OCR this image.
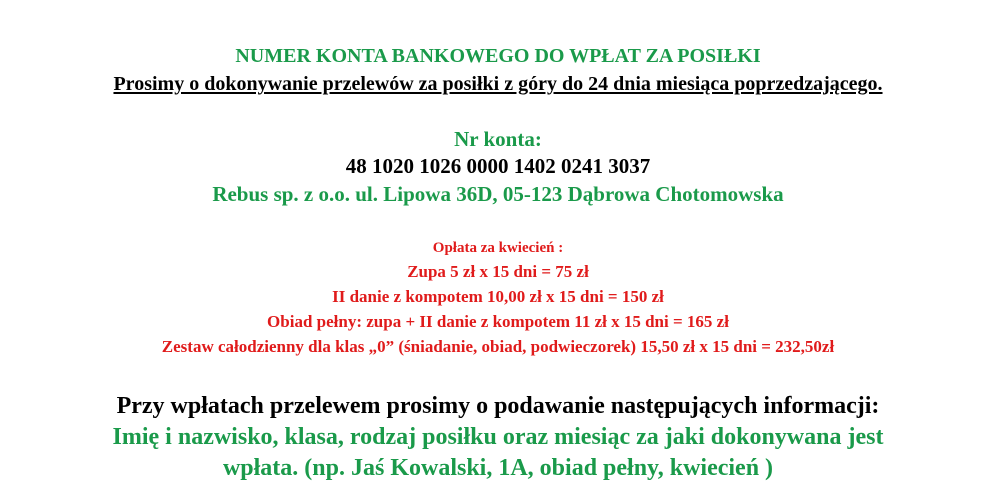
NUMER KONTA BANKOWEGO DO WPŁAT ZA POSIŁKI
Prosimy o dokonywanie przelewów za posiłki z góry do 24 dnia miesiąca poprzedzającego.
Nr konta:
48 1020 1026 0000 1402 0241 3037
Rebus sp. z o.o. ul. Lipowa 36D, 05-123 Dąbrowa Chotomowska
Opłata za kwiecień :
Zupa 5 zł x 15 dni = 75 zł
II danie z kompotem 10,00 zł x 15 dni = 150 zł
Obiad pełny: zupa + II danie z kompotem 11 zł x 15 dni = 165 zł
Zestaw całodzienny dla klas „0” (śniadanie, obiad, podwieczorek) 15,50 zł x 15 dni = 232,50zł
Przy wpłatach przelewem prosimy o podawanie następujących informacji:
Imię i nazwisko, klasa, rodzaj posiłku oraz miesiąc za jaki dokonywana jest
wpłata. (np. Jaś Kowalski, 1A, obiad pełny, kwiecień )
